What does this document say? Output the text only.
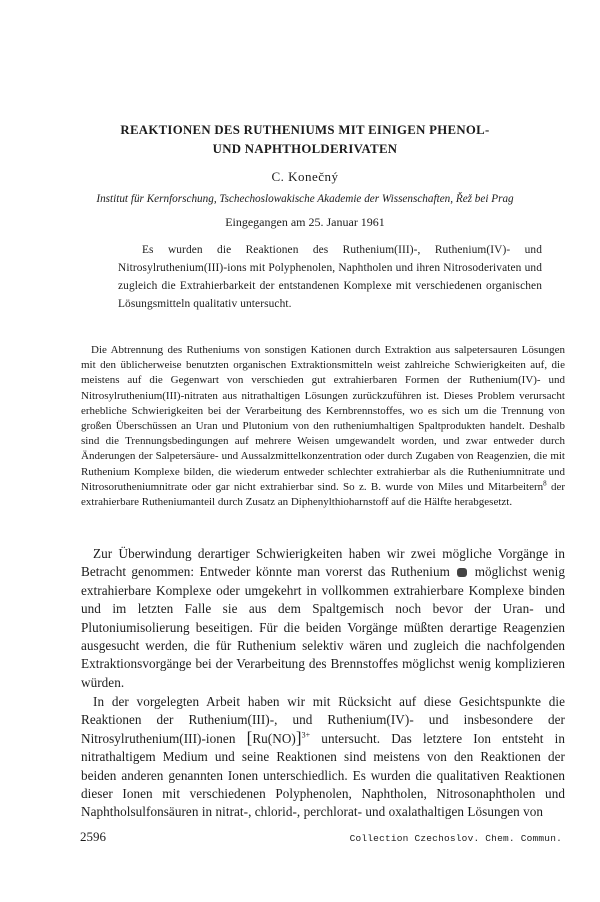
REAKTIONEN DES RUTHENIUMS MIT EINIGEN PHENOL-
UND NAPHTHOLDERIVATEN
C. Konečný
Institut für Kernforschung, Tschechoslowakische Akademie der Wissenschaften, Řež bei Prag
Eingegangen am 25. Januar 1961

Es wurden die Reaktionen des Ruthenium(III)-, Ruthenium(IV)- und Nitrosylruthenium(III)-ions mit Polyphenolen, Naphtholen und ihren Nitrosoderivaten und zugleich die Extrahierbarkeit der entstandenen Komplexe mit verschiedenen organischen Lösungsmitteln qualitativ untersucht.

Die Abtrennung des Rutheniums von sonstigen Kationen durch Extraktion aus salpetersauren Lösungen mit den üblicherweise benutzten organischen Extraktionsmitteln weist zahlreiche Schwierigkeiten auf, die meistens auf die Gegenwart von verschieden gut extrahierbaren Formen der Ruthenium(IV)- und Nitrosylruthenium(III)-nitraten aus nitrathaltigen Lösungen zurückzuführen ist. Dieses Problem verursacht erhebliche Schwierigkeiten bei der Verarbeitung des Kernbrennstoffes, wo es sich um die Trennung von großen Überschüssen an Uran und Plutonium von den rutheniumhaltigen Spaltprodukten handelt. Deshalb sind die Trennungsbedingungen auf mehrere Weisen umgewandelt worden, und zwar entweder durch Änderungen der Salpetersäure- und Aussalzmittelkonzentration oder durch Zugaben von Reagenzien, die mit Ruthenium Komplexe bilden, die wiederum entweder schlechter extrahierbar als die Rutheniumnitrate und Nitrosorutheniumnitrate oder gar nicht extrahierbar sind. So z. B. wurde von Miles und Mitarbeitern$^8$ der extrahierbare Rutheniumanteil durch Zusatz an Diphenylthioharnstoff auf die Hälfte herabgesetzt.

Zur Überwindung derartiger Schwierigkeiten haben wir zwei mögliche Vorgänge in Betracht genommen: Entweder könnte man vorerst das Ruthenium möglichst wenig extrahierbare Komplexe oder umgekehrt in vollkommen extrahierbare Komplexe binden und im letzten Falle sie aus dem Spaltgemisch noch bevor der Uran- und Plutoniumisolierung beseitigen. Für die beiden Vorgänge müßten derartige Reagenzien ausgesucht werden, die für Ruthenium selektiv wären und zugleich die nachfolgenden Extraktionsvorgänge bei der Verarbeitung des Brennstoffes möglichst wenig komplizieren würden.

In der vorgelegten Arbeit haben wir mit Rücksicht auf diese Gesichtspunkte die Reaktionen der Ruthenium(III)-, und Ruthenium(IV)- und insbesondere der Nitrosylruthenium(III)-ionen $[Ru(NO)]^{3+}$ untersucht. Das letztere Ion entsteht in nitrathaltigem Medium und seine Reaktionen sind meistens von den Reaktionen der beiden anderen genannten Ionen unterschiedlich. Es wurden die qualitativen Reaktionen dieser Ionen mit verschiedenen Polyphenolen, Naphtholen, Nitrosonaphtholen und Naphtholsulfonsäuren in nitrat-, chlorid-, perchlorat- und oxalathaltigen Lösungen von

2596	Collection Czechoslov. Chem. Commun.
